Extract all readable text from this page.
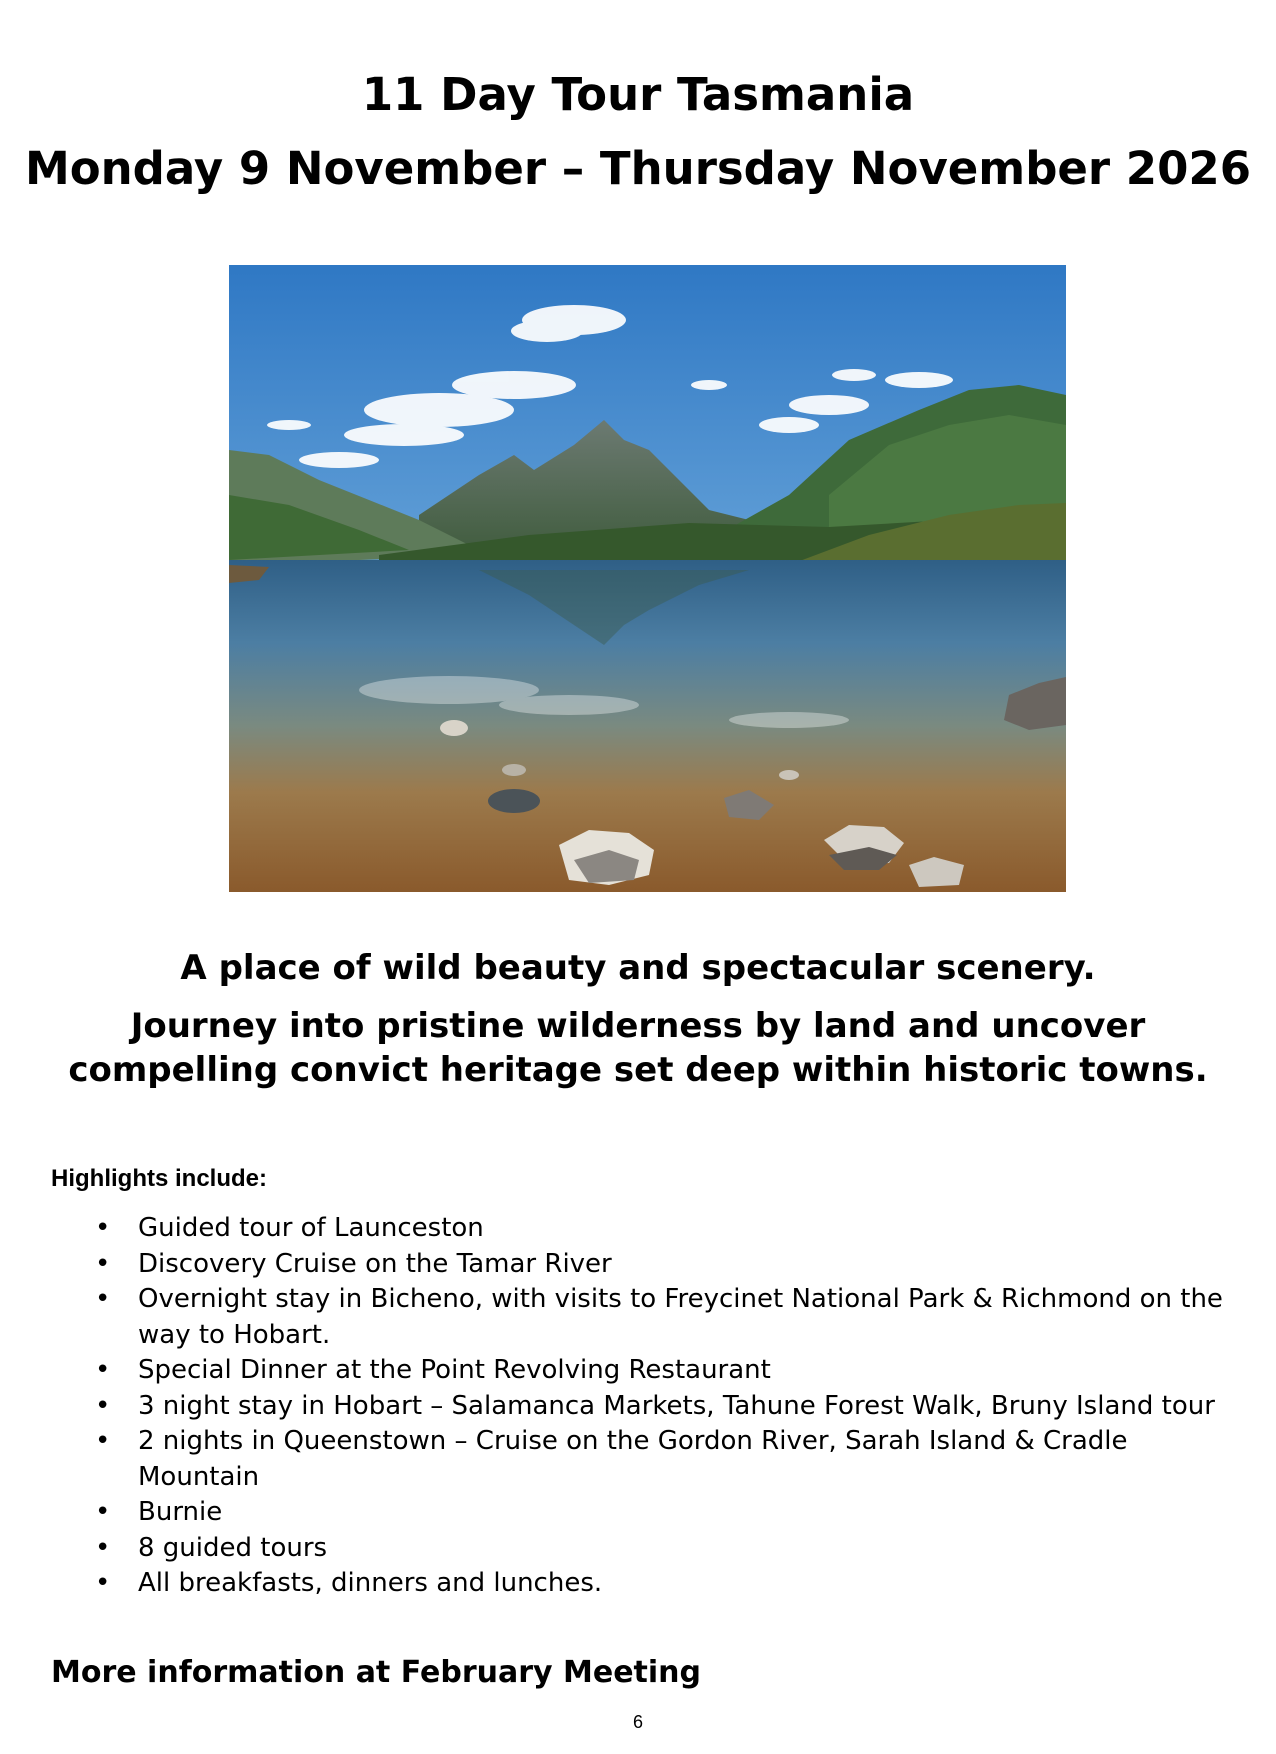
11 Day Tour Tasmania
Monday 9 November – Thursday November 2026

A place of wild beauty and spectacular scenery.

Journey into pristine wilderness by land and uncover compelling convict heritage set deep within historic towns.

Highlights include:

• Guided tour of Launceston
• Discovery Cruise on the Tamar River
• Overnight stay in Bicheno, with visits to Freycinet National Park & Richmond on the way to Hobart.
• Special Dinner at the Point Revolving Restaurant
• 3 night stay in Hobart – Salamanca Markets, Tahune Forest Walk, Bruny Island tour
• 2 nights in Queenstown – Cruise on the Gordon River, Sarah Island & Cradle Mountain
• Burnie
• 8 guided tours
• All breakfasts, dinners and lunches.

More information at February Meeting

6
